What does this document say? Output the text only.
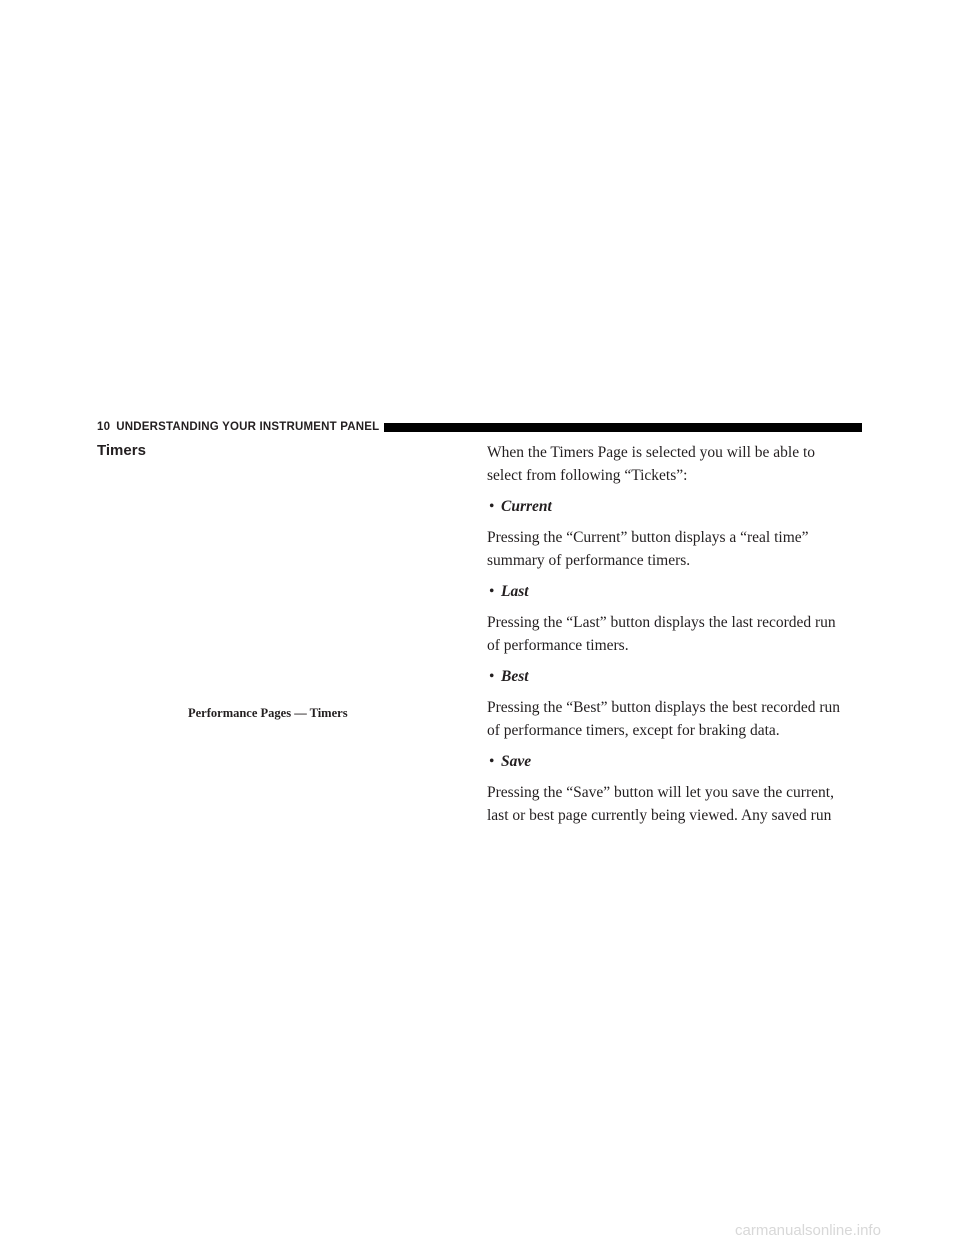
10 UNDERSTANDING YOUR INSTRUMENT PANEL
Timers

Performance Pages — Timers

When the Timers Page is selected you will be able to
select from following “Tickets”:

• Current

Pressing the “Current” button displays a “real time”
summary of performance timers.

• Last

Pressing the “Last” button displays the last recorded run
of performance timers.

• Best

Pressing the “Best” button displays the best recorded run
of performance timers, except for braking data.

• Save

Pressing the “Save” button will let you save the current,
last or best page currently being viewed. Any saved run

carmanualsonline.info
